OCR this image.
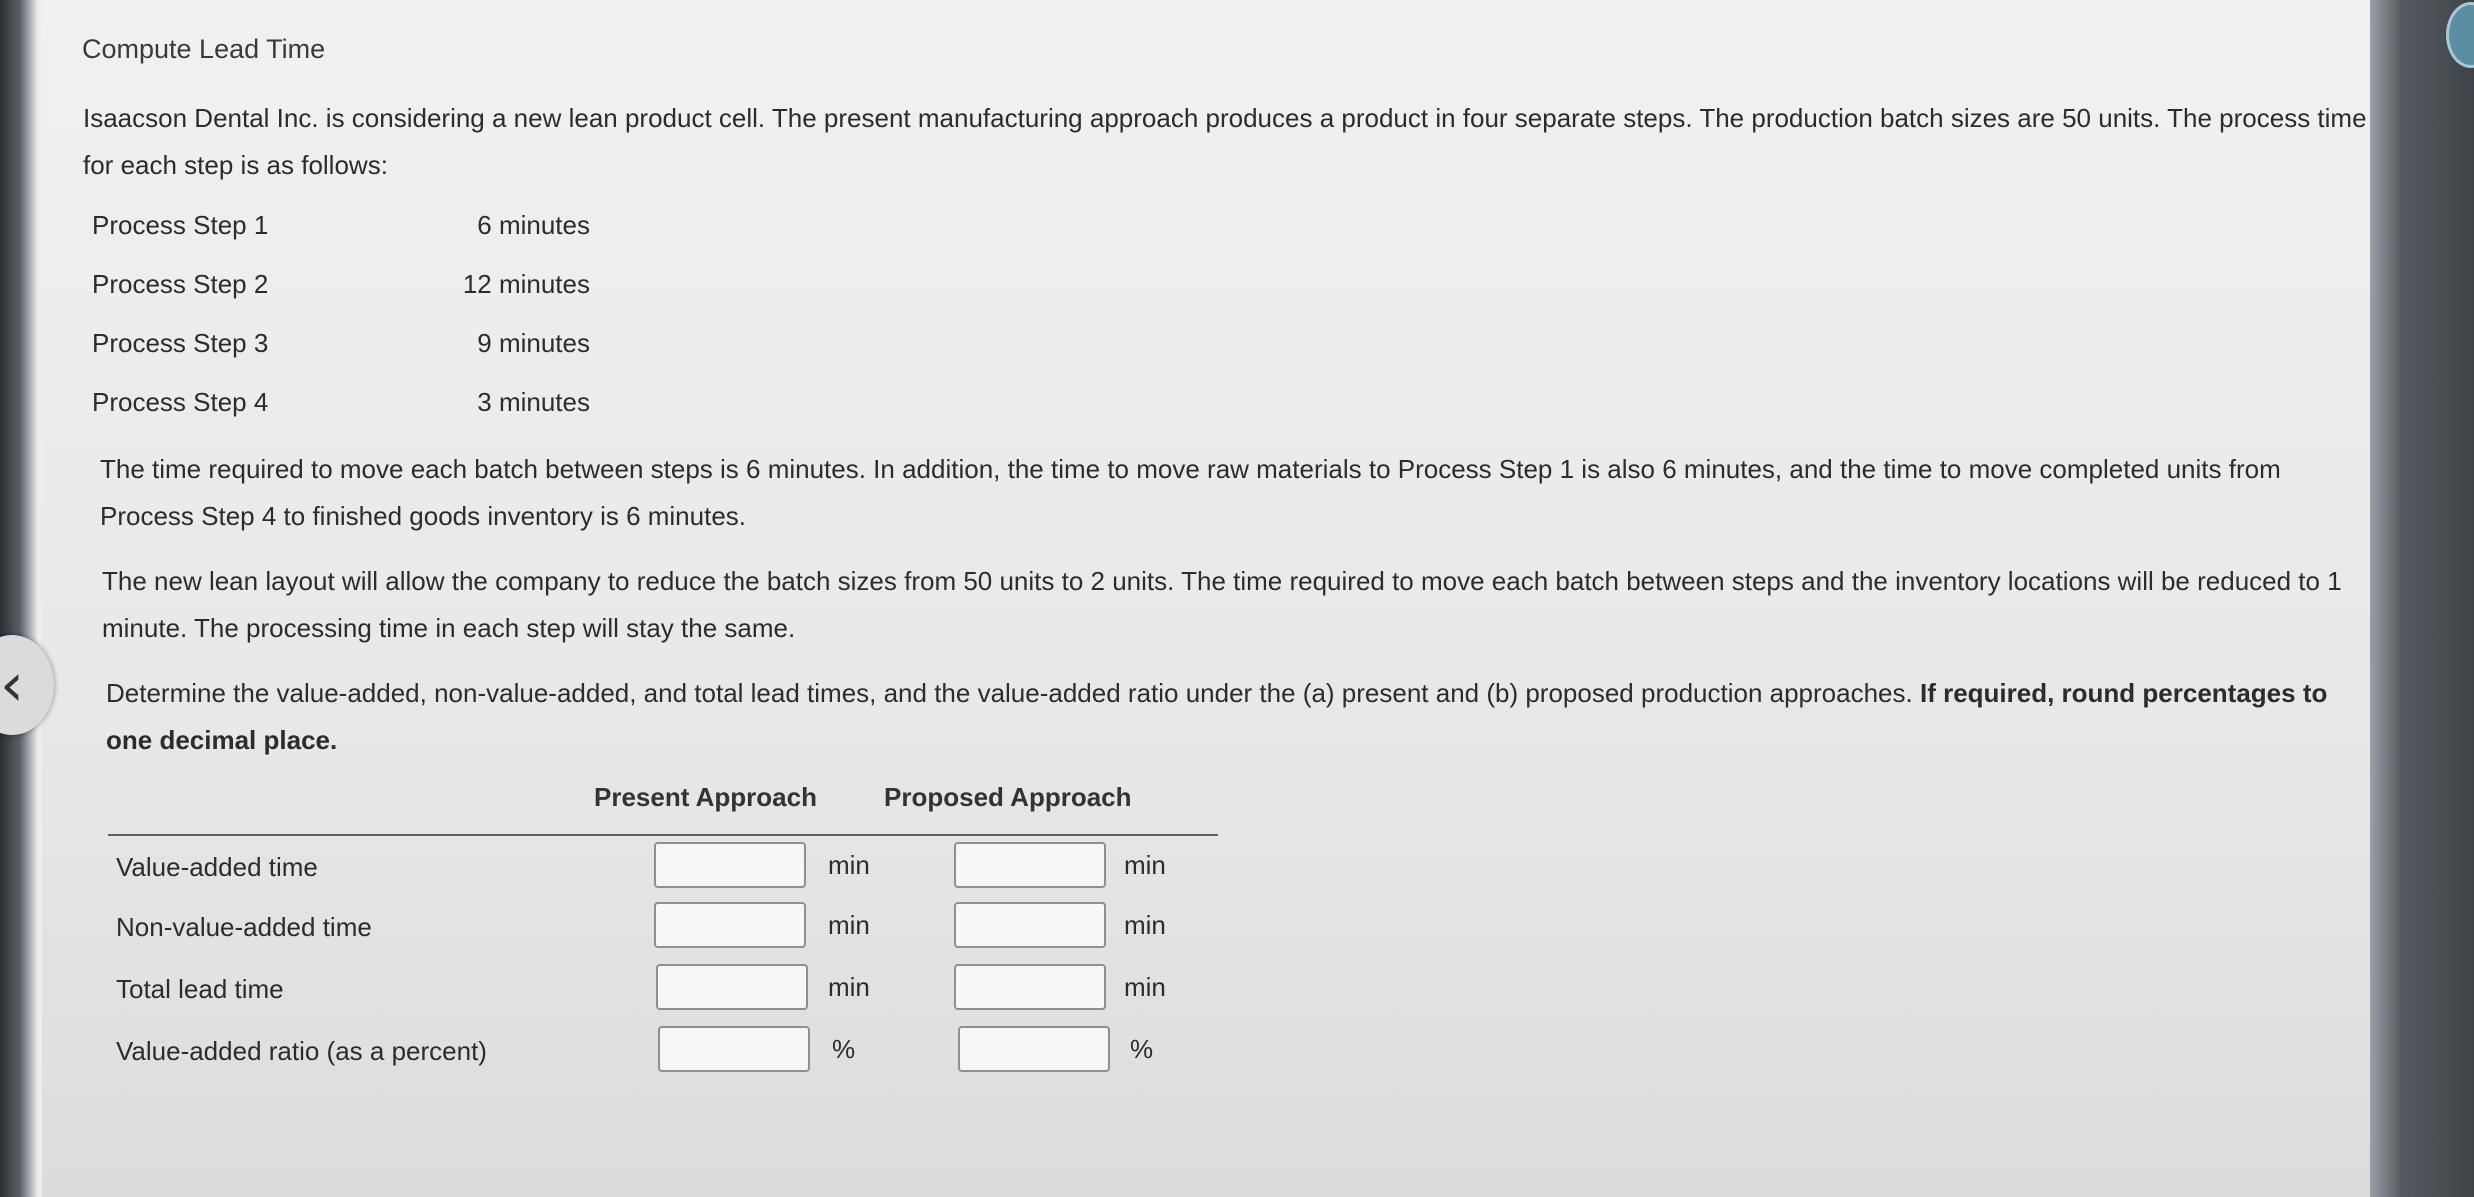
Compute Lead Time
Isaacson Dental Inc. is considering a new lean product cell. The present manufacturing approach produces a product in four separate steps. The production batch sizes are 50 units. The process time for each step is as follows:
Process Step 1	6 minutes
Process Step 2	12 minutes
Process Step 3	9 minutes
Process Step 4	3 minutes
The time required to move each batch between steps is 6 minutes. In addition, the time to move raw materials to Process Step 1 is also 6 minutes, and the time to move completed units from Process Step 4 to finished goods inventory is 6 minutes.
The new lean layout will allow the company to reduce the batch sizes from 50 units to 2 units. The time required to move each batch between steps and the inventory locations will be reduced to 1 minute. The processing time in each step will stay the same.
Determine the value-added, non-value-added, and total lead times, and the value-added ratio under the (a) present and (b) proposed production approaches. If required, round percentages to one decimal place.
Present Approach	Proposed Approach
Value-added time	min	min
Non-value-added time	min	min
Total lead time	min	min
Value-added ratio (as a percent)	%	%
‹
